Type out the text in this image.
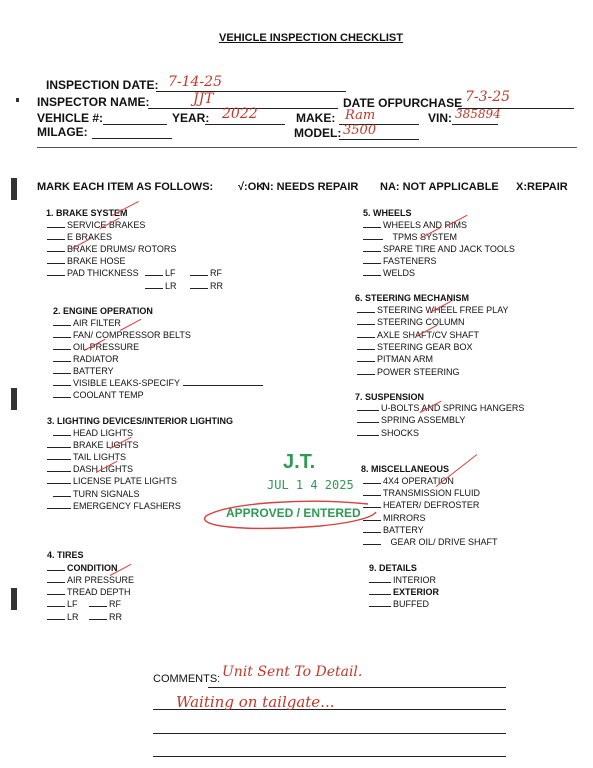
VEHICLE INSPECTION CHECKLIST
INSPECTION DATE: 7-14-25
INSPECTOR NAME:	JJT	DATE OFPURCHASE 7-3-25
VEHICLE #:	YEAR: 2022	MAKE: Ram	VIN: 385894
MILAGE:	MODEL: 3500
MARK EACH ITEM AS FOLLOWS: √:OK
N: NEEDS REPAIR NA: NOT APPLICABLE X:REPAIR
1. BRAKE SYSTEM
SERVICE BRAKES
E BRAKES
BRAKE DRUMS/ ROTORS
BRAKE HOSE
PAD THICKNESS	LF	RF
LR	RR
2. ENGINE OPERATION
AIR FILTER
FAN/ COMPRESSOR BELTS
OIL PRESSURE
RADIATOR
BATTERY
VISIBLE LEAKS-SPECIFY
COOLANT TEMP
3. LIGHTING DEVICES/INTERIOR LIGHTING
HEAD LIGHTS
BRAKE LIGHTS
TAIL LIGHTS
DASH LIGHTS
LICENSE PLATE LIGHTS
TURN SIGNALS
EMERGENCY FLASHERS
4. TIRES
CONDITION
AIR PRESSURE
TREAD DEPTH
LF	RF
LR	RR
5. WHEELS
WHEELS AND RIMS
TPMS SYSTEM
SPARE TIRE AND JACK TOOLS
FASTENERS
WELDS
6. STEERING MECHANISM
STEERING WHEEL FREE PLAY
STEERING COLUMN
AXLE SHAFT/CV SHAFT
STEERING GEAR BOX
PITMAN ARM
POWER STEERING
7. SUSPENSION
U-BOLTS AND SPRING HANGERS
SPRING ASSEMBLY
SHOCKS
8. MISCELLANEOUS
4X4 OPERATION
TRANSMISSION FLUID
HEATER/ DEFROSTER
MIRRORS
BATTERY
GEAR OIL/ DRIVE SHAFT
9. DETAILS
INTERIOR
EXTERIOR
BUFFED
J.T.
JUL 1 4 2025
APPROVED / ENTERED
COMMENTS: Unit Sent To Detail.
Waiting on tailgate...
